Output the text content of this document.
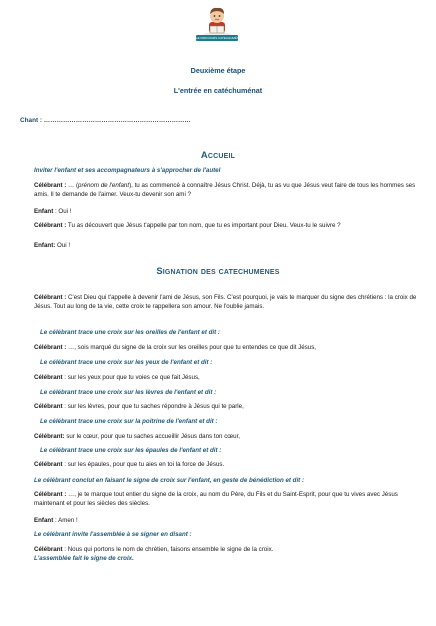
LE PARCOURS CATECHUMÉNAT
Deuxième étape
L'entrée en catéchuménat
Chant : ……………………………………………………………
Accueil
Inviter l'enfant et ses accompagnateurs à s'approcher de l'autel
Célébrant : … (prénom de l'enfant), tu as commencé à connaître Jésus Christ. Déjà, tu as vu que Jésus veut faire de tous les hommes ses amis. Il te demande de l'aimer. Veux-tu devenir son ami ?
Enfant : Oui !
Célébrant : Tu as découvert que Jésus t'appelle par ton nom, que tu es important pour Dieu. Veux-tu le suivre ?
Enfant: Oui !
Signation des catechumenes
Célébrant : C'est Dieu qui t'appelle à devenir l'ami de Jésus, son Fils. C'est pourquoi, je vais te marquer du signe des chrétiens : la croix de Jésus. Tout au long de ta vie, cette croix te rappellera son amour. Ne l'oublie jamais.
Le célébrant trace une croix sur les oreilles de l'enfant et dit :
Célébrant : …, sois marqué du signe de la croix sur les oreilles pour que tu entendes ce que dit Jésus,
Le célébrant trace une croix sur les yeux de l'enfant et dit :
Célébrant : sur les yeux pour que tu voies ce que fait Jésus,
Le célébrant trace une croix sur les lèvres de l'enfant et dit :
Célébrant : sur les lèvres, pour que tu saches répondre à Jésus qui te parle,
Le célébrant trace une croix sur la poitrine de l'enfant et dit :
Célébrant: sur le cœur, pour que tu saches accueillir Jésus dans ton cœur,
Le célébrant trace une croix sur les épaules de l'enfant et dit :
Célébrant : sur les épaules, pour que tu aies en toi la force de Jésus.
Le célébrant conclut en faisant le signe de croix sur l'enfant, en geste de bénédiction et dit :
Célébrant : …, je te marque tout entier du signe de la croix, au nom du Père, du Fils et du Saint-Esprit, pour que tu vives avec Jésus maintenant et pour les siècles des siècles.
Enfant : Amen !
Le célébrant invite l'assemblée à se signer en disant :
Célébrant : Nous qui portons le nom de chrétien, faisons ensemble le signe de la croix.
L'assemblée fait le signe de croix.
